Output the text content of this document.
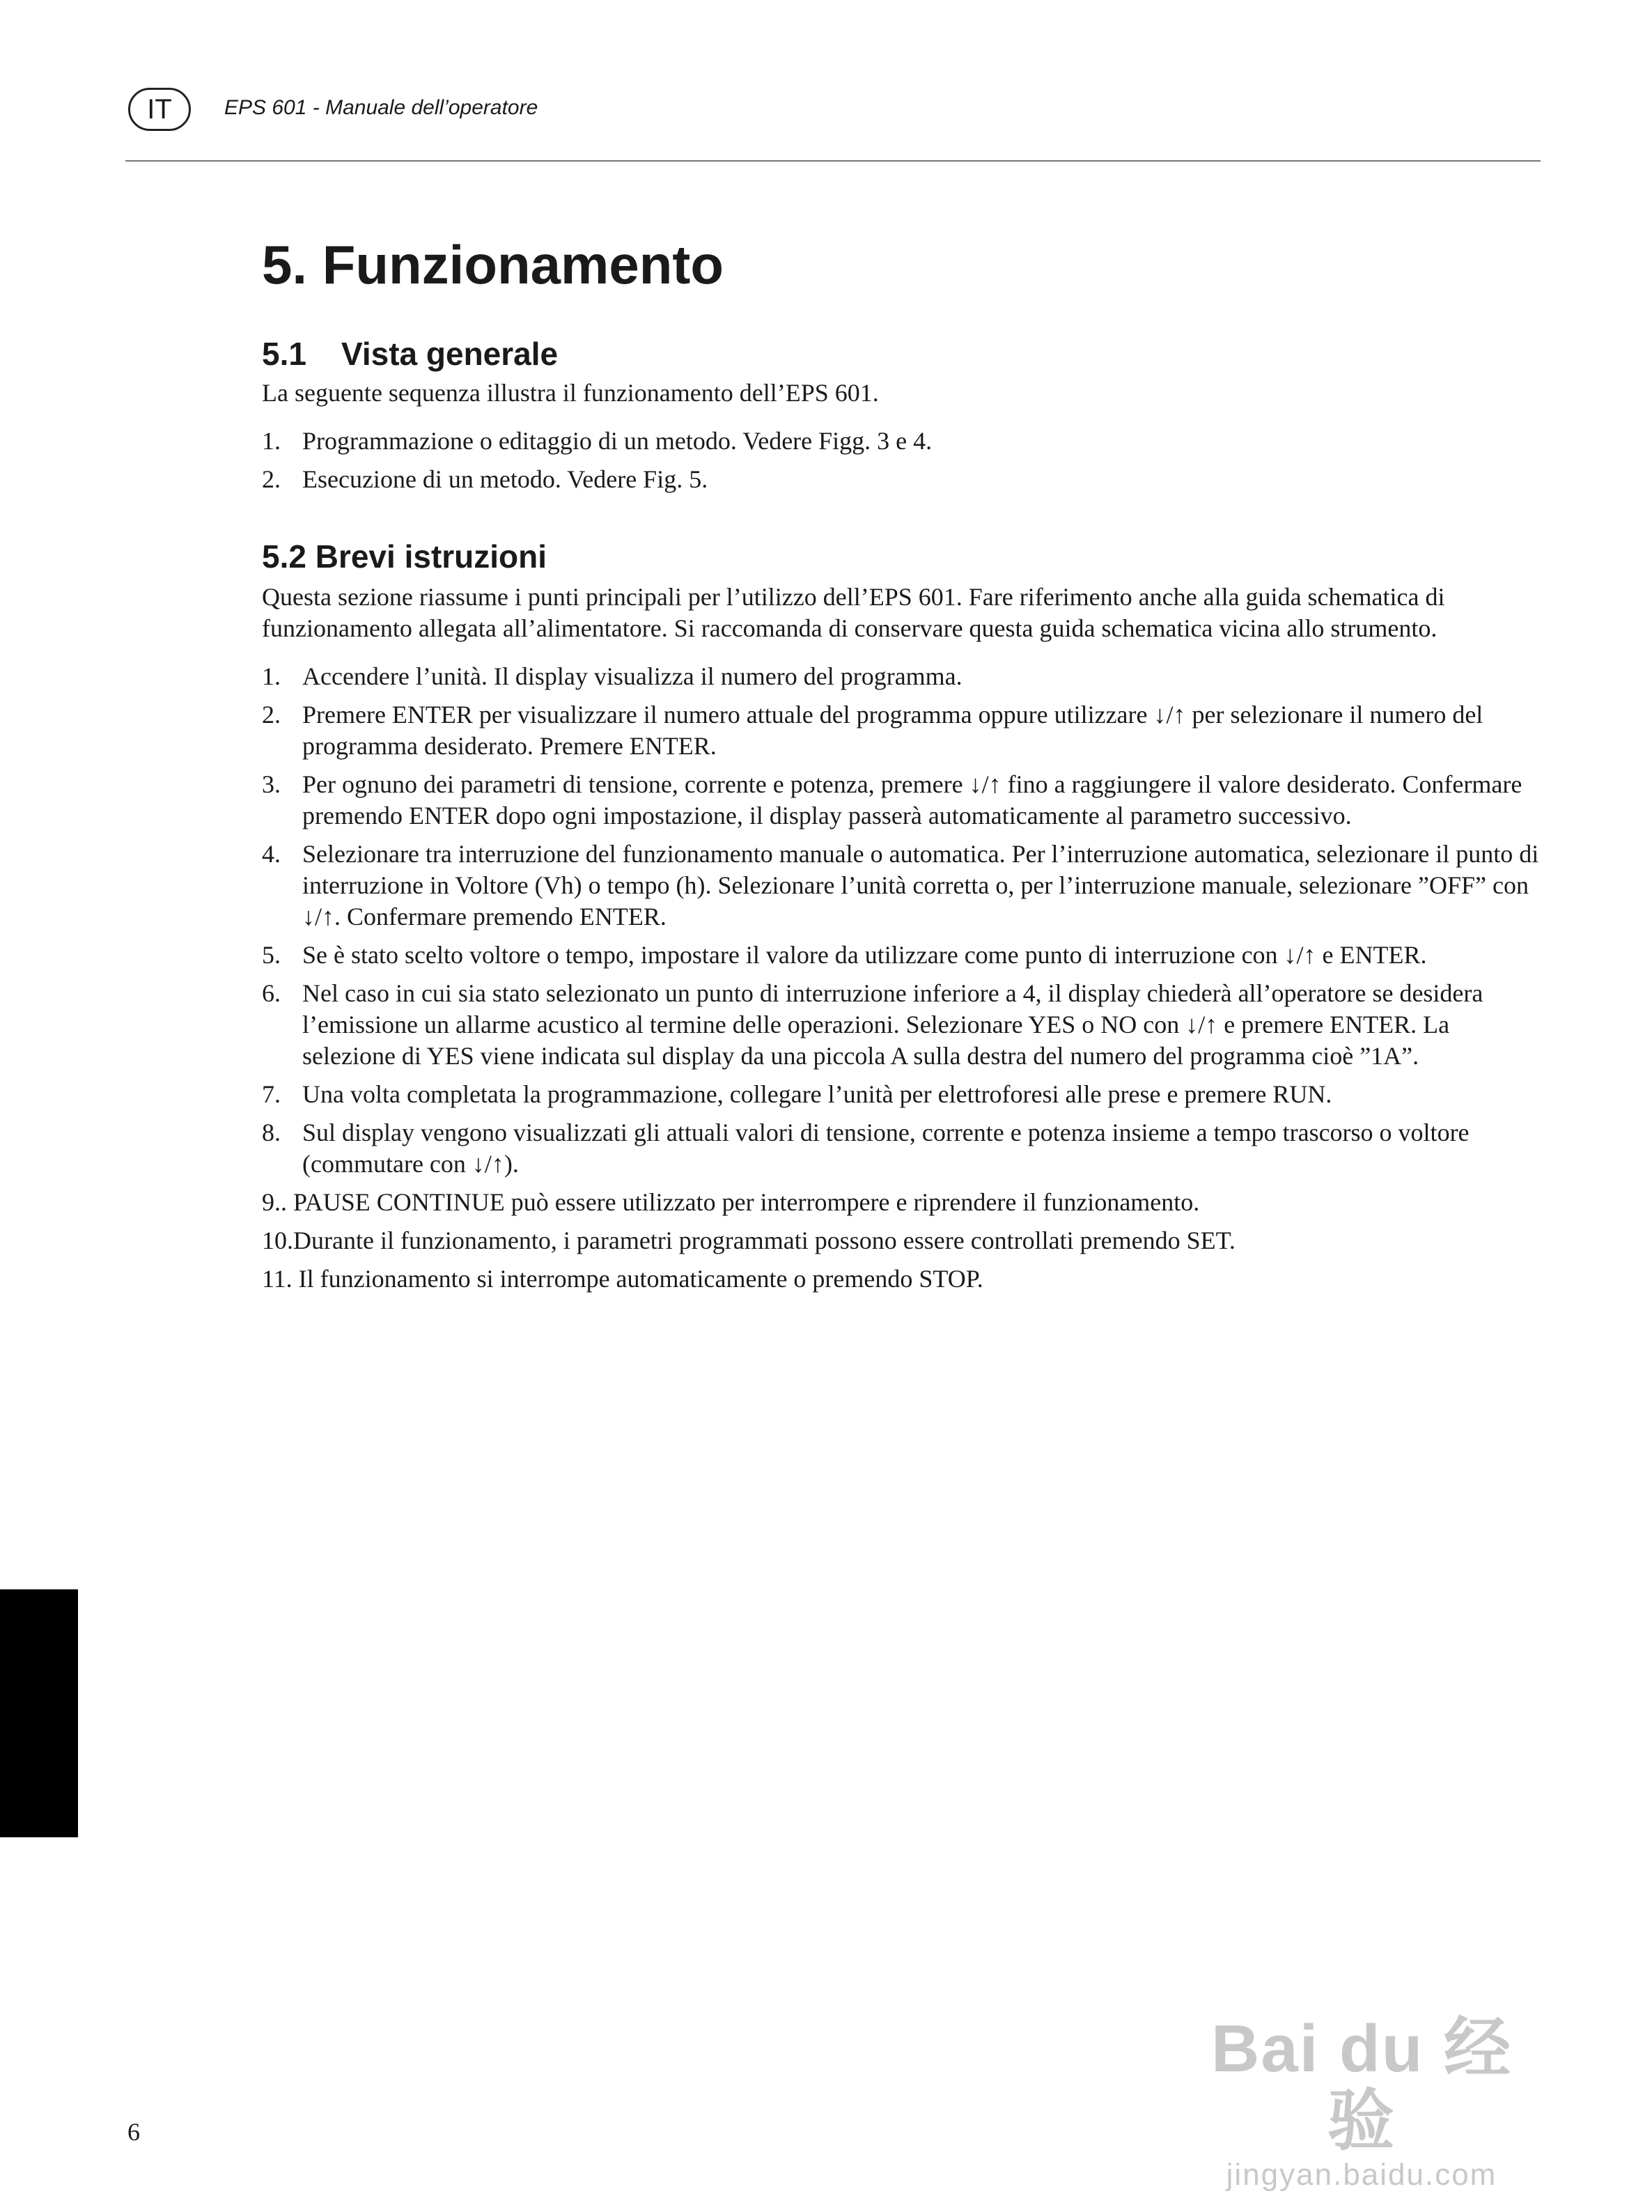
IT	EPS 601 - Manuale dell’operatore
5. Funzionamento
5.1 Vista generale

La seguente sequenza illustra il funzionamento dell’EPS 601.

1. Programmazione o editaggio di un metodo. Vedere Figg. 3 e 4.
2. Esecuzione di un metodo. Vedere Fig. 5.
5.2 Brevi istruzioni

Questa sezione riassume i punti principali per l’utilizzo dell’EPS 601. Fare riferimento anche alla guida schematica di funzionamento allegata all’alimentatore. Si raccomanda di conservare questa guida schematica vicina allo strumento.

1. Accendere l’unità. Il display visualizza il numero del programma.
2. Premere ENTER per visualizzare il numero attuale del programma oppure utilizzare ↓/↑ per selezionare il numero del programma desiderato. Premere ENTER.
3. Per ognuno dei parametri di tensione, corrente e potenza, premere ↓/↑ fino a raggiungere il valore desiderato. Confermare premendo ENTER dopo ogni impostazione, il display passerà automaticamente al parametro successivo.
4. Selezionare tra interruzione del funzionamento manuale o automatica. Per l’interruzione automatica, selezionare il punto di interruzione in Voltore (Vh) o tempo (h). Selezionare l’unità corretta o, per l’interruzione manuale, selezionare ”OFF” con ↓/↑. Confermare premendo ENTER.
5. Se è stato scelto voltore o tempo, impostare il valore da utilizzare come punto di interruzione con ↓/↑ e ENTER.
6. Nel caso in cui sia stato selezionato un punto di interruzione inferiore a 4, il display chiederà all’operatore se desidera l’emissione un allarme acustico al termine delle operazioni. Selezionare YES o NO con ↓/↑ e premere ENTER. La selezione di YES viene indicata sul display da una piccola A sulla destra del numero del programma cioè ”1A”.
7. Una volta completata la programmazione, collegare l’unità per elettroforesi alle prese e premere RUN.
8. Sul display vengono visualizzati gli attuali valori di tensione, corrente e potenza insieme a tempo trascorso o voltore (commutare con ↓/↑).
9.. PAUSE CONTINUE può essere utilizzato per interrompere e riprendere il funzionamento.
10.Durante il funzionamento, i parametri programmati possono essere controllati premendo SET.
11. Il funzionamento si interrompe automaticamente o premendo STOP.
6
Bai du 经验
jingyan.baidu.com
